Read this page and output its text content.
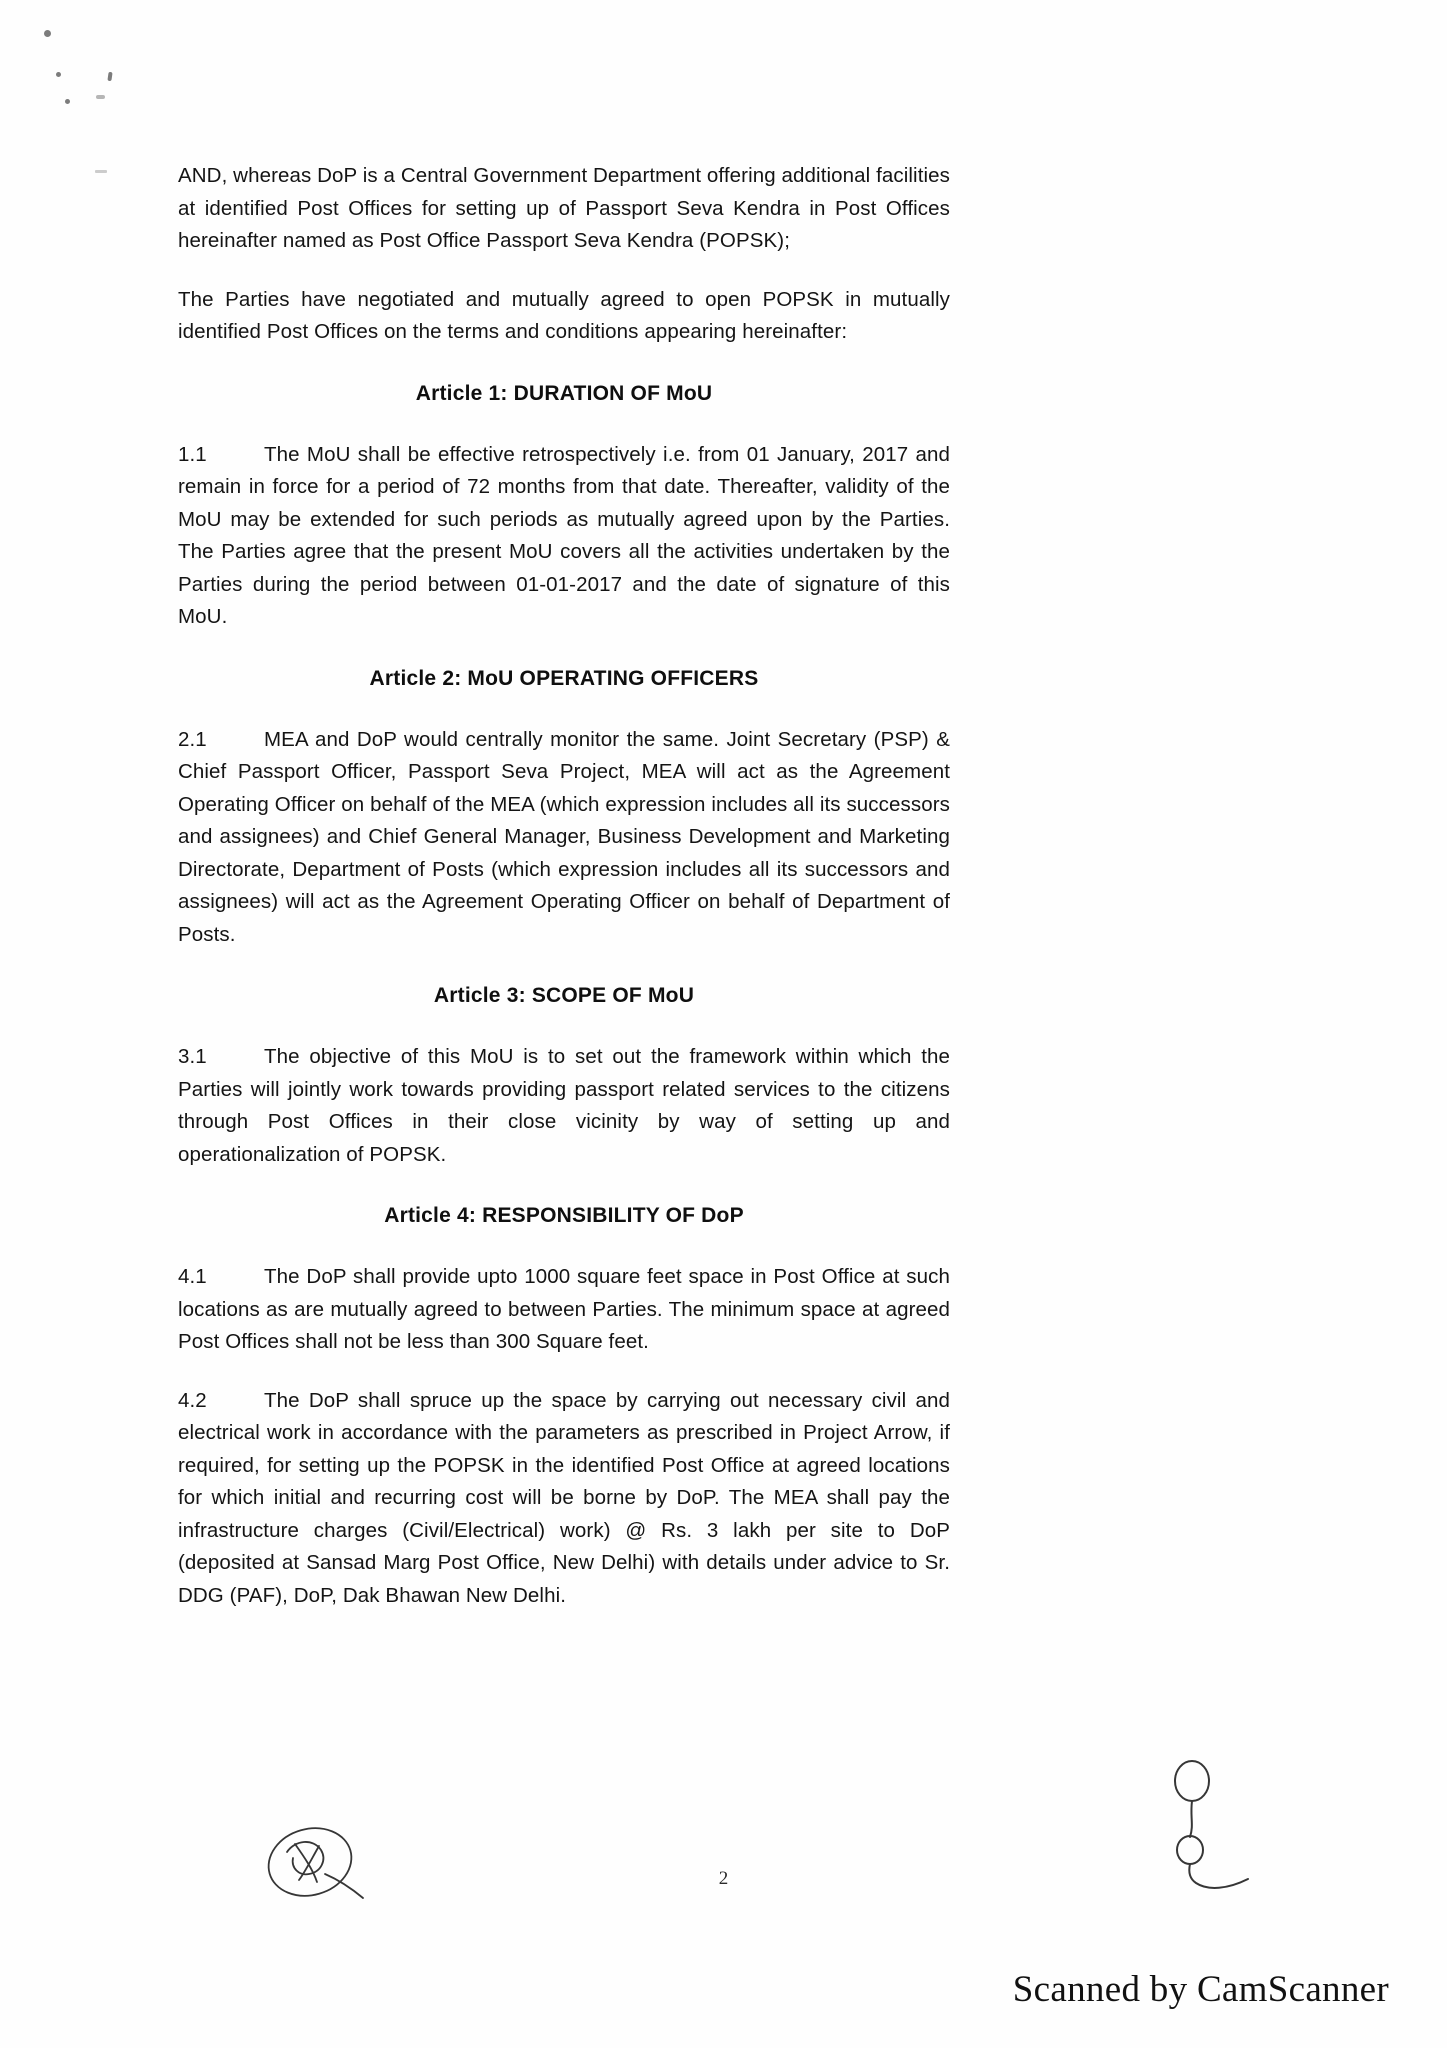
AND, whereas DoP is a Central Government Department offering additional facilities at identified Post Offices for setting up of Passport Seva Kendra in Post Offices hereinafter named as Post Office Passport Seva Kendra (POPSK);

The Parties have negotiated and mutually agreed to open POPSK in mutually identified Post Offices on the terms and conditions appearing hereinafter:

Article 1: DURATION OF MoU

1.1	The MoU shall be effective retrospectively i.e. from 01 January, 2017 and remain in force for a period of 72 months from that date. Thereafter, validity of the MoU may be extended for such periods as mutually agreed upon by the Parties. The Parties agree that the present MoU covers all the activities undertaken by the Parties during the period between 01-01-2017 and the date of signature of this MoU.

Article 2: MoU OPERATING OFFICERS

2.1	MEA and DoP would centrally monitor the same. Joint Secretary (PSP) & Chief Passport Officer, Passport Seva Project, MEA will act as the Agreement Operating Officer on behalf of the MEA (which expression includes all its successors and assignees) and Chief General Manager, Business Development and Marketing Directorate, Department of Posts (which expression includes all its successors and assignees) will act as the Agreement Operating Officer on behalf of Department of Posts.

Article 3: SCOPE OF MoU

3.1	The objective of this MoU is to set out the framework within which the Parties will jointly work towards providing passport related services to the citizens through Post Offices in their close vicinity by way of setting up and operationalization of POPSK.

Article 4: RESPONSIBILITY OF DoP

4.1	The DoP shall provide upto 1000 square feet space in Post Office at such locations as are mutually agreed to between Parties. The minimum space at agreed Post Offices shall not be less than 300 Square feet.

4.2	The DoP shall spruce up the space by carrying out necessary civil and electrical work in accordance with the parameters as prescribed in Project Arrow, if required, for setting up the POPSK in the identified Post Office at agreed locations for which initial and recurring cost will be borne by DoP. The MEA shall pay the infrastructure charges (Civil/Electrical) work) @ Rs. 3 lakh per site to DoP (deposited at Sansad Marg Post Office, New Delhi) with details under advice to Sr. DDG (PAF), DoP, Dak Bhawan New Delhi.

2
Scanned by CamScanner
